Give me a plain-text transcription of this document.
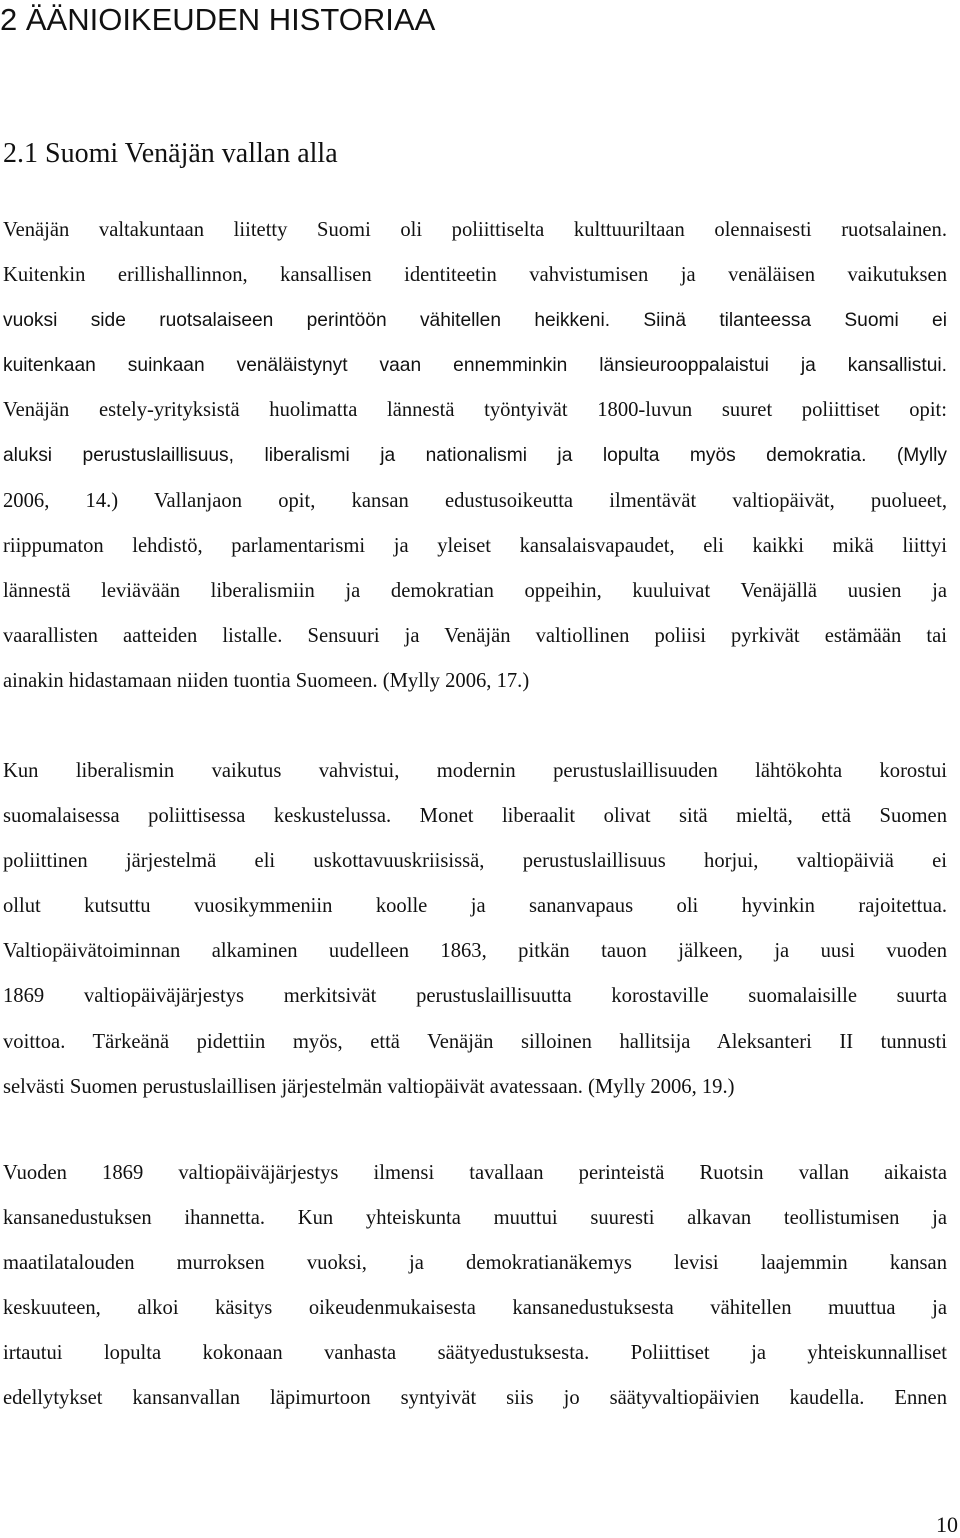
2 ÄÄNIOIKEUDEN HISTORIAA
2.1 Suomi Venäjän vallan alla
Venäjän valtakuntaan liitetty Suomi oli poliittiselta kulttuuriltaan olennaisesti ruotsalainen.
Kuitenkin erillishallinnon, kansallisen identiteetin vahvistumisen ja venäläisen vaikutuksen
vuoksi side ruotsalaiseen perintöön vähitellen heikkeni. Siinä tilanteessa Suomi ei
kuitenkaan suinkaan venäläistynyt vaan ennemminkin länsieurooppalaistui ja kansallistui.
Venäjän estely-yrityksistä huolimatta lännestä työntyivät 1800-luvun suuret poliittiset opit:
aluksi perustuslaillisuus, liberalismi ja nationalismi ja lopulta myös demokratia. (Mylly
2006, 14.) Vallanjaon opit, kansan edustusoikeutta ilmentävät valtiopäivät, puolueet,
riippumaton lehdistö, parlamentarismi ja yleiset kansalaisvapaudet, eli kaikki mikä liittyi
lännestä leviävään liberalismiin ja demokratian oppeihin, kuuluivat Venäjällä uusien ja
vaarallisten aatteiden listalle. Sensuuri ja Venäjän valtiollinen poliisi pyrkivät estämään tai
ainakin hidastamaan niiden tuontia Suomeen. (Mylly 2006, 17.)
Kun liberalismin vaikutus vahvistui, modernin perustuslaillisuuden lähtökohta korostui
suomalaisessa poliittisessa keskustelussa. Monet liberaalit olivat sitä mieltä, että Suomen
poliittinen järjestelmä eli uskottavuuskriisissä, perustuslaillisuus horjui, valtiopäiviä ei
ollut kutsuttu vuosikymmeniin koolle ja sananvapaus oli hyvinkin rajoitettua.
Valtiopäivätoiminnan alkaminen uudelleen 1863, pitkän tauon jälkeen, ja uusi vuoden
1869 valtiopäiväjärjestys merkitsivät perustuslaillisuutta korostaville suomalaisille suurta
voittoa. Tärkeänä pidettiin myös, että Venäjän silloinen hallitsija Aleksanteri II tunnusti
selvästi Suomen perustuslaillisen järjestelmän valtiopäivät avatessaan. (Mylly 2006, 19.)
Vuoden 1869 valtiopäiväjärjestys ilmensi tavallaan perinteistä Ruotsin vallan aikaista
kansanedustuksen ihannetta. Kun yhteiskunta muuttui suuresti alkavan teollistumisen ja
maatilatalouden murroksen vuoksi, ja demokratianäkemys levisi laajemmin kansan
keskuuteen, alkoi käsitys oikeudenmukaisesta kansanedustuksesta vähitellen muuttua ja
irtautui lopulta kokonaan vanhasta säätyedustuksesta. Poliittiset ja yhteiskunnalliset
edellytykset kansanvallan läpimurtoon syntyivät siis jo säätyvaltiopäivien kaudella. Ennen
10
